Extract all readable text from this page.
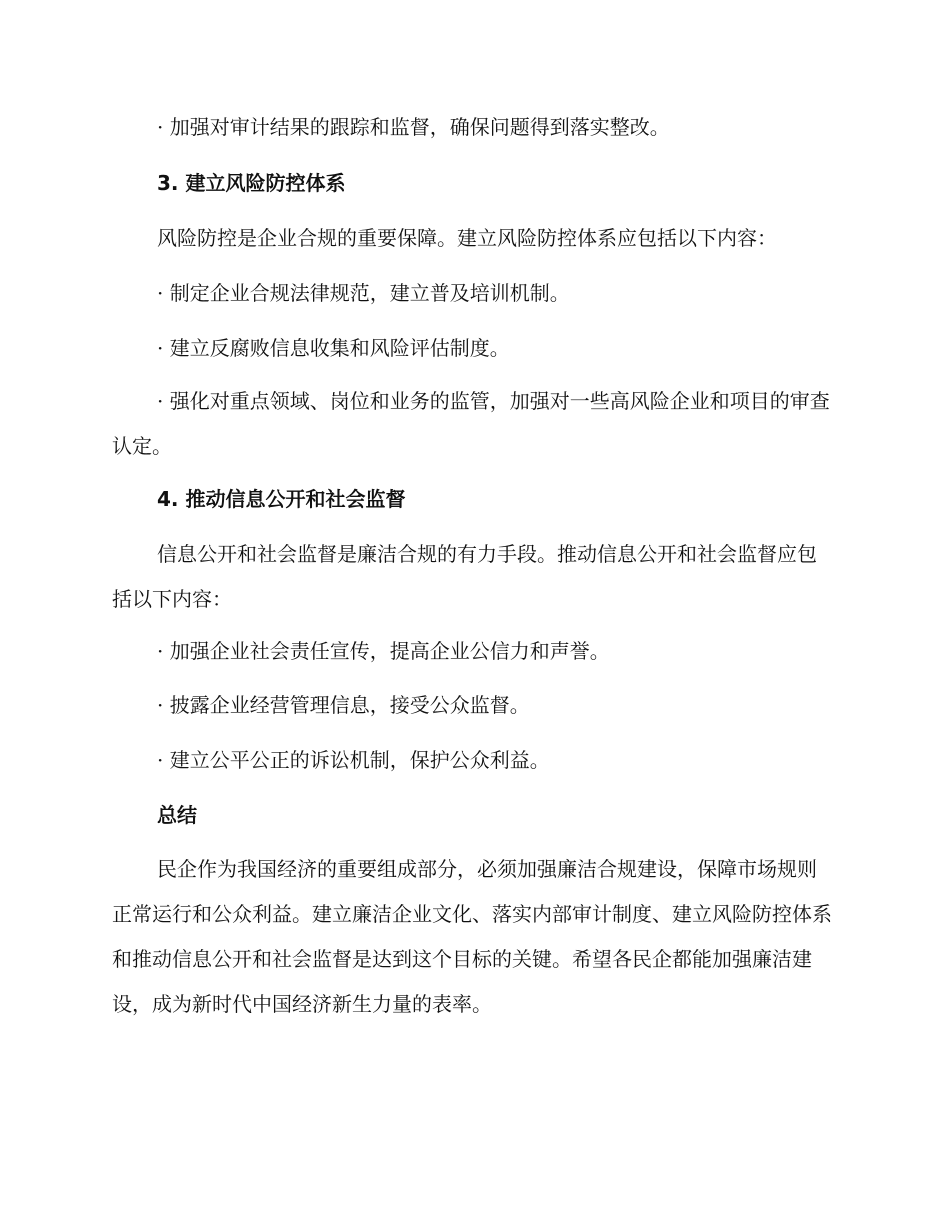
· 加强对审计结果的跟踪和监督，确保问题得到落实整改。
3. 建立风险防控体系
风险防控是企业合规的重要保障。建立风险防控体系应包括以下内容：
· 制定企业合规法律规范，建立普及培训机制。
· 建立反腐败信息收集和风险评估制度。
· 强化对重点领域、岗位和业务的监管，加强对一些高风险企业和项目的审查认定。
4. 推动信息公开和社会监督
信息公开和社会监督是廉洁合规的有力手段。推动信息公开和社会监督应包括以下内容：
· 加强企业社会责任宣传，提高企业公信力和声誉。
· 披露企业经营管理信息，接受公众监督。
· 建立公平公正的诉讼机制，保护公众利益。
总结
民企作为我国经济的重要组成部分，必须加强廉洁合规建设，保障市场规则正常运行和公众利益。建立廉洁企业文化、落实内部审计制度、建立风险防控体系和推动信息公开和社会监督是达到这个目标的关键。希望各民企都能加强廉洁建设，成为新时代中国经济新生力量的表率。
